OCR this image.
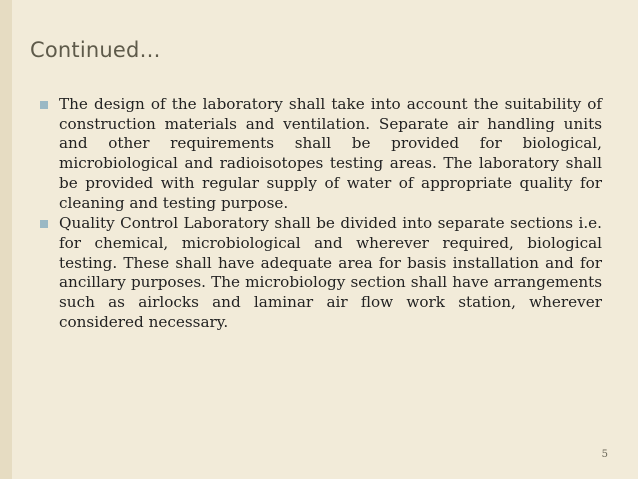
Continued…
The design of the laboratory shall take into account the suitability of construction materials and ventilation. Separate air handling units and other requirements shall be provided for biological, microbiological and radioisotopes testing areas. The laboratory shall be provided with regular supply of water of appropriate quality for cleaning and testing purpose.
Quality Control Laboratory shall be divided into separate sections i.e. for chemical, microbiological and wherever required, biological testing. These shall have adequate area for basis installation and for ancillary purposes. The microbiology section shall have arrangements such as airlocks and laminar air flow work station, wherever considered necessary.
5
